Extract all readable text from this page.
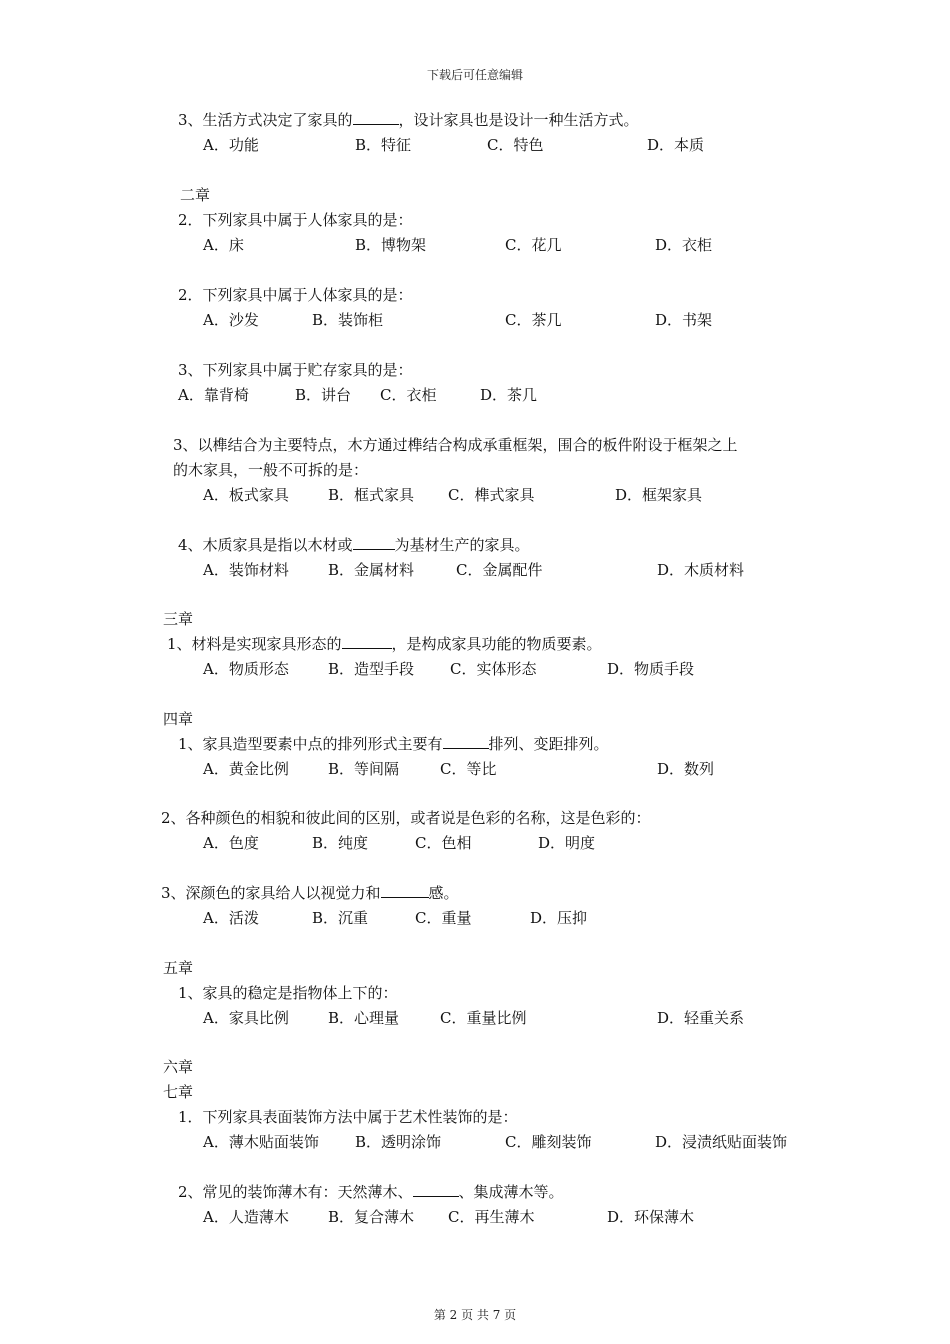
下载后可任意编辑
3、生活方式决定了家具的	，设计家具也是设计一种生活方式。
A．功能	B．特征	C．特色	D．本质
二章
2．下列家具中属于人体家具的是：
A．床	B．博物架	C．花几	D．衣柜
2．下列家具中属于人体家具的是：
A．沙发	B．装饰柜	C．茶几	D．书架
3、下列家具中属于贮存家具的是：
A．靠背椅	B．讲台 C．衣柜	D．茶几
3、以榫结合为主要特点，木方通过榫结合构成承重框架，围合的板件附设于框架之上
的木家具，一般不可拆的是：
A．板式家具	B．框式家具 C．榫式家具	D．框架家具
4、木质家具是指以木材或	为基材生产的家具。
A．装饰材料	B．金属材料	C．金属配件	D．木质材料
三章
1、材料是实现家具形态的	，是构成家具功能的物质要素。
A．物质形态	B．造型手段 C．实体形态	D．物质手段
四章
1、家具造型要素中点的排列形式主要有	排列、变距排列。
A．黄金比例	B．等间隔	C．等比	D．数列
2、各种颜色的相貌和彼此间的区别，或者说是色彩的名称，这是色彩的：
A．色度	B．纯度	C．色相	D．明度
3、深颜色的家具给人以视觉力和	感。
A．活泼	B．沉重	C．重量	D．压抑
五章
1、家具的稳定是指物体上下的：
A．家具比例	B．心理量	C．重量比例	D．轻重关系
六章
七章
1．下列家具表面装饰方法中属于艺术性装饰的是：
A．薄木贴面装饰 B．透明涂饰	C．雕刻装饰	D．浸渍纸贴面装饰
2、常见的装饰薄木有：天然薄木、	、集成薄木等。
A．人造薄木	B．复合薄木 C．再生薄木	D．环保薄木
第 2 页 共 7 页
